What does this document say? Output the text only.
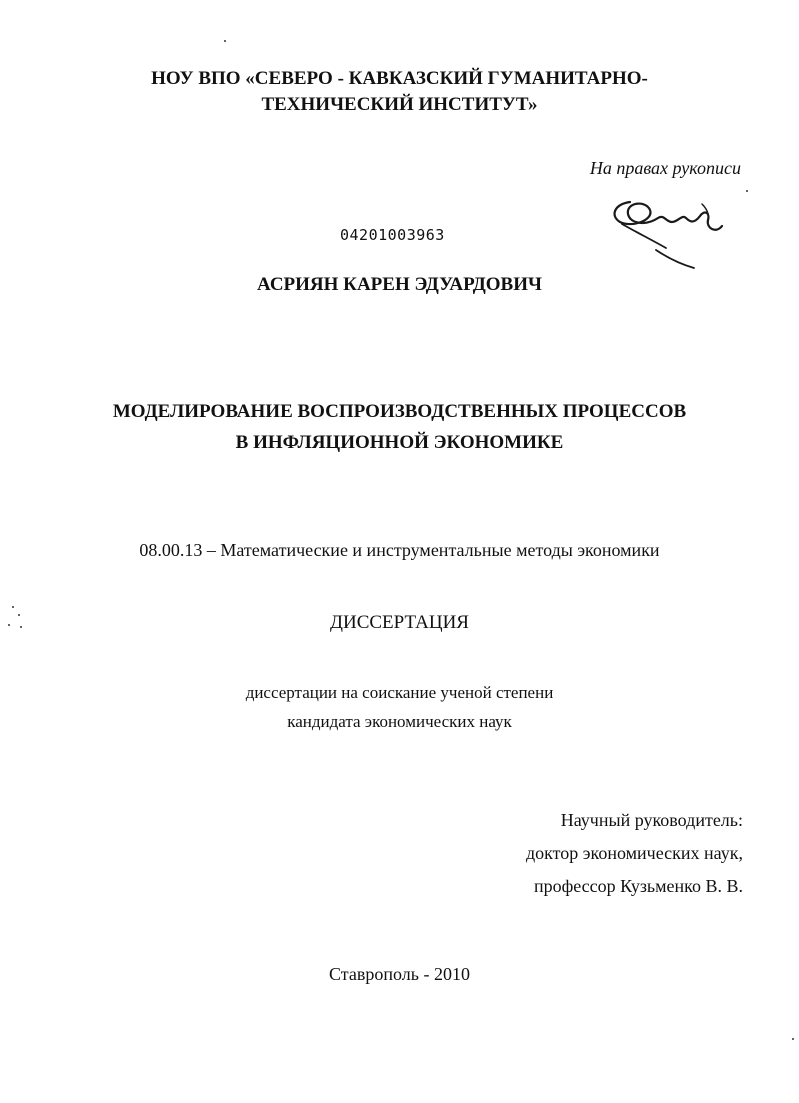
НОУ ВПО «СЕВЕРО - КАВКАЗСКИЙ ГУМАНИТАРНО-
ТЕХНИЧЕСКИЙ ИНСТИТУТ»
На правах рукописи
04201003963
АСРИЯН КАРЕН ЭДУАРДОВИЧ
МОДЕЛИРОВАНИЕ ВОСПРОИЗВОДСТВЕННЫХ ПРОЦЕССОВ
В ИНФЛЯЦИОННОЙ ЭКОНОМИКЕ
08.00.13 – Математические и инструментальные методы экономики
ДИССЕРТАЦИЯ
диссертации на соискание ученой степени
кандидата экономических наук
Научный руководитель:
доктор экономических наук,
профессор Кузьменко В. В.
Ставрополь - 2010
